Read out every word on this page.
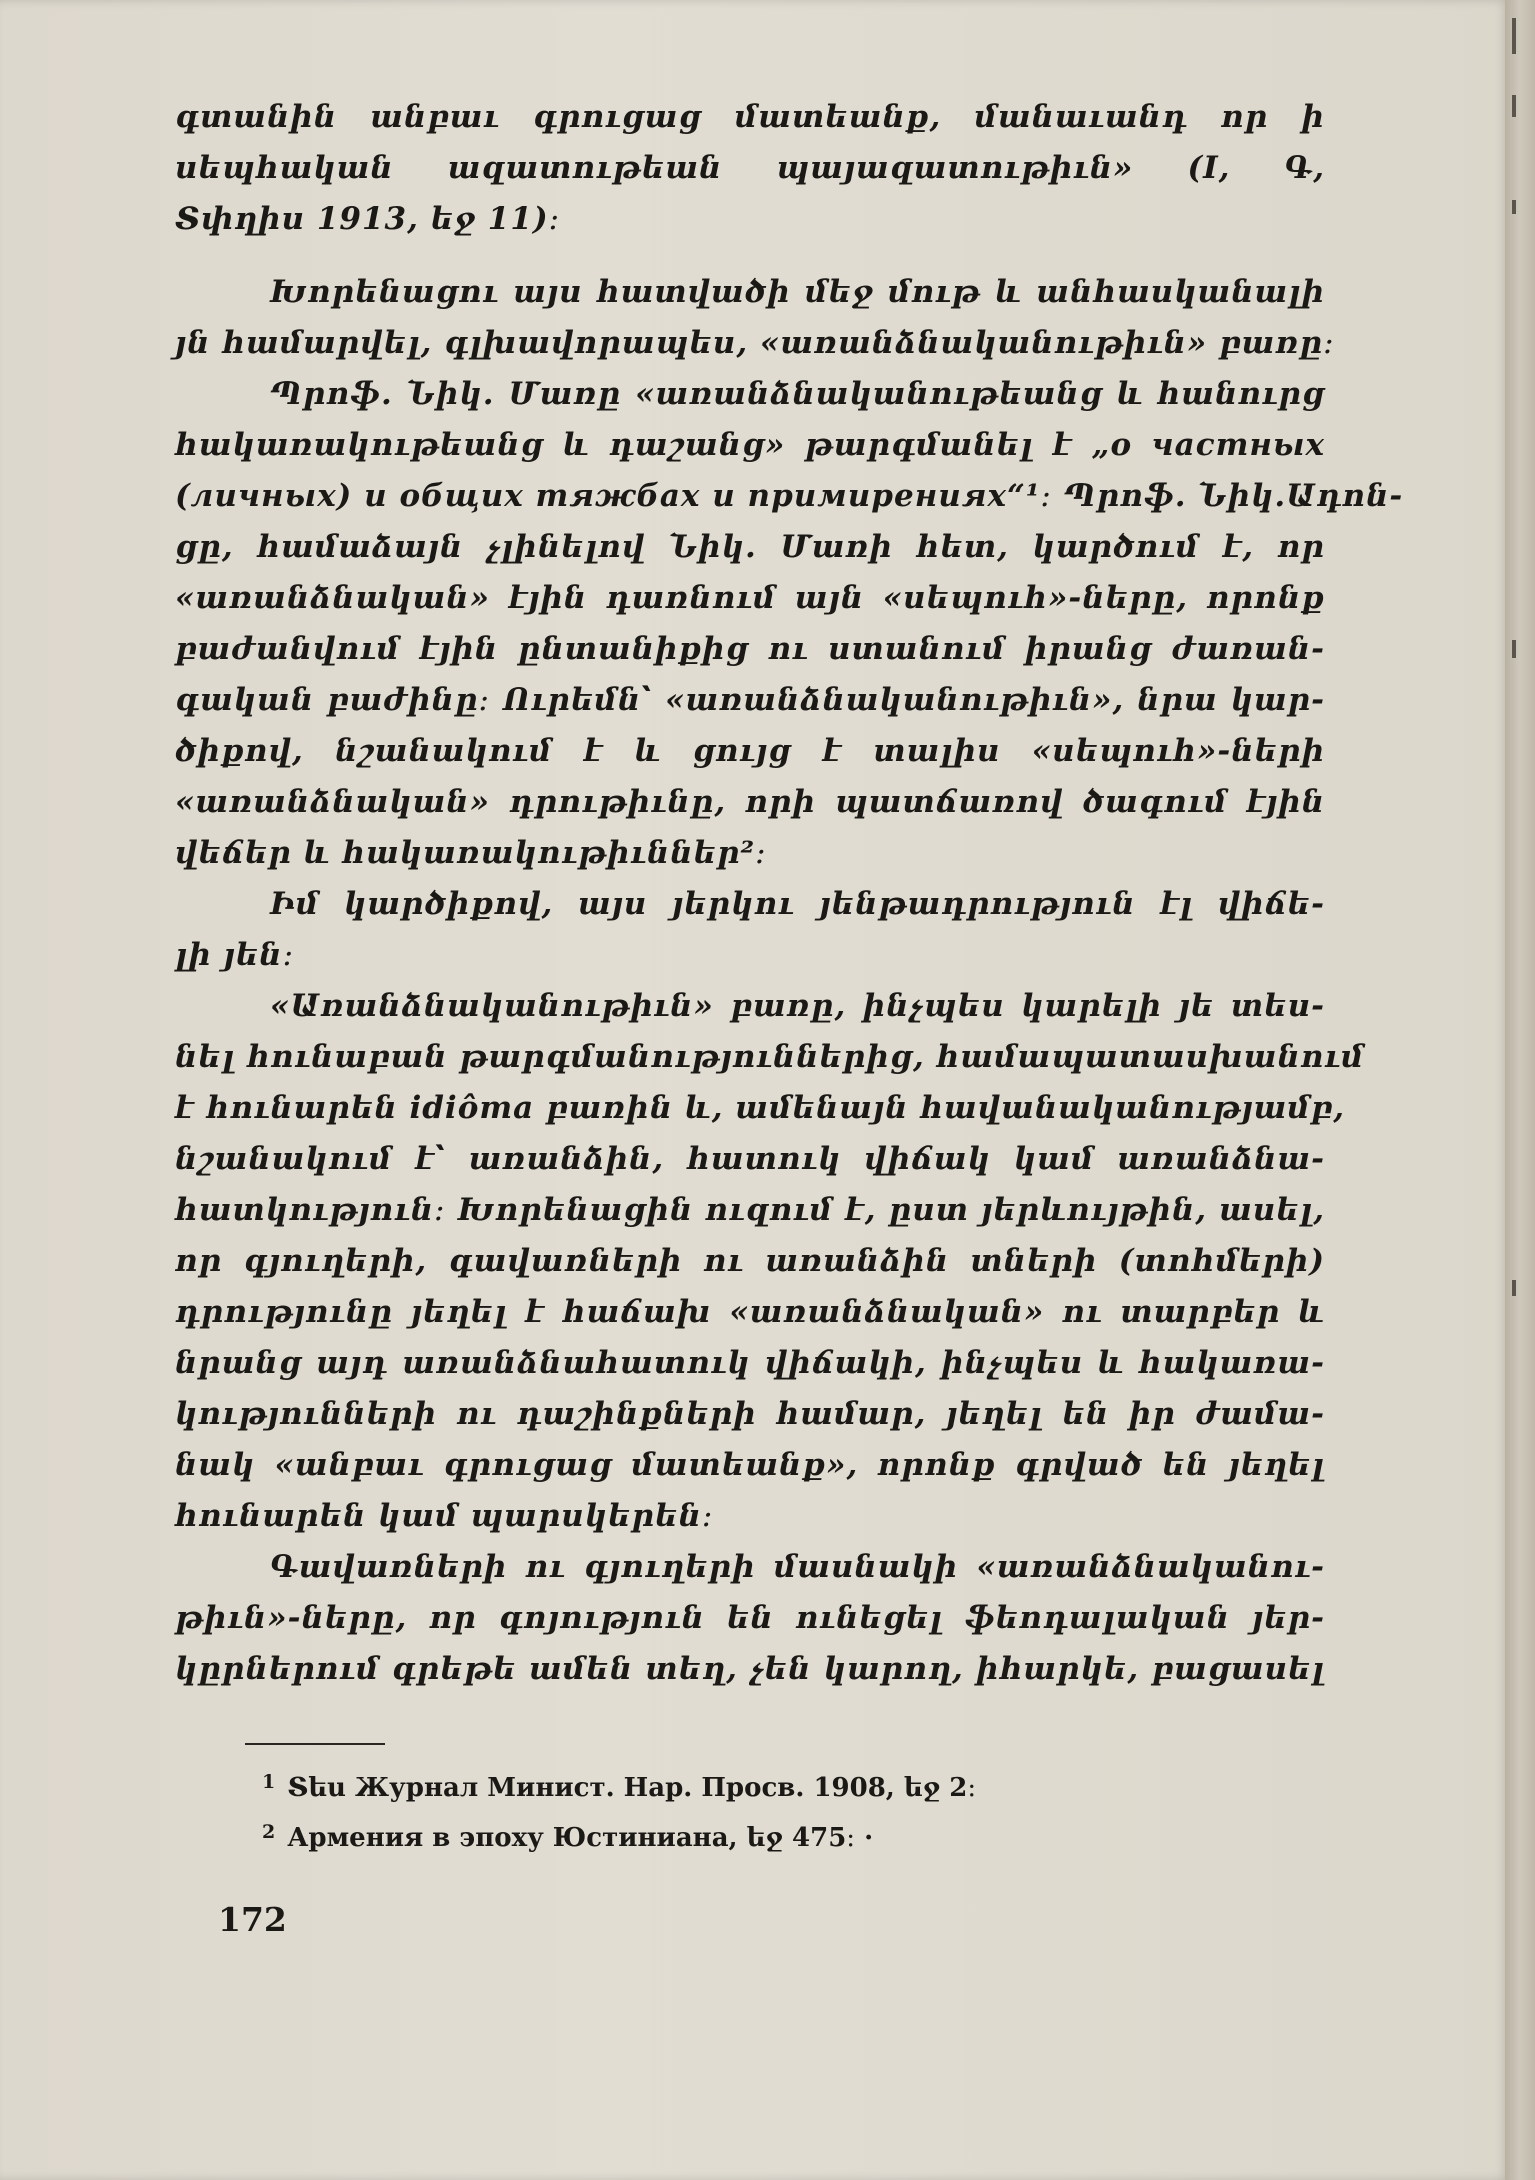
գտանին անբաւ գրուցաց մատեանք, մանաւանդ որ ի
սեպհական ազատութեան պայազատութիւն» (I, Գ,
Տփղիս 1913, եջ 11)։
Խորենացու այս հատվածի մեջ մութ և անհասկանալի
յն համարվել, գլխավորապես, «առանձնականութիւն» բառը։
Պրոֆ. Նիկ. Մառը «առանձնականութեանց և հանուրց
հակառակութեանց և դաշանց» թարգմանել է „о частных
(личных) и общих тяжбах и примирениях“¹։ Պրոֆ. Նիկ.Ադոն-
ցը, համաձայն չլինելով Նիկ. Մառի հետ, կարծում է, որ
«առանձնական» էյին դառնում այն «սեպուհ»-ները, որոնք
բաժանվում էյին ընտանիքից ու ստանում իրանց ժառան-
գական բաժինը։ Ուրեմն՝ «առանձնականութիւն», նրա կար-
ծիքով, նշանակում է և ցույց է տալիս «սեպուհ»-ների
«առանձնական» դրութիւնը, որի պատճառով ծագում էյին
վեճեր և հակառակութիւններ²։
Իմ կարծիքով, այս յերկու յենթադրություն էլ վիճե-
լի յեն։
«Առանձնականութիւն» բառը, ինչպես կարելի յե տես-
նել հունաբան թարգմանություններից, համապատասխանում
է հունարեն idiôma բառին և, ամենայն հավանականությամբ,
նշանակում է՝ առանձին, հատուկ վիճակ կամ առանձնա-
հատկություն։ Խորենացին ուզում է, ըստ յերևույթին, ասել,
որ գյուղերի, գավառների ու առանձին տների (տոհմերի)
դրությունը յեղել է հաճախ «առանձնական» ու տարբեր և
նրանց այդ առանձնահատուկ վիճակի, ինչպես և հակառա-
կությունների ու դաշինքների համար, յեղել են իր ժամա-
նակ «անբաւ գրուցաց մատեանք», որոնք գրված են յեղել
հունարեն կամ պարսկերեն։
Գավառների ու գյուղերի մասնակի «առանձնականու-
թիւն»-ները, որ գոյություն են ունեցել ֆեոդալական յեր-
կըրներում գրեթե ամեն տեղ, չեն կարող, իհարկե, բացասել
$^1$ Տես Журнал Минист. Нар. Просв. 1908, եջ 2։
$^2$ Армения в эпоху Юстиниана, եջ 475։ ·
172
